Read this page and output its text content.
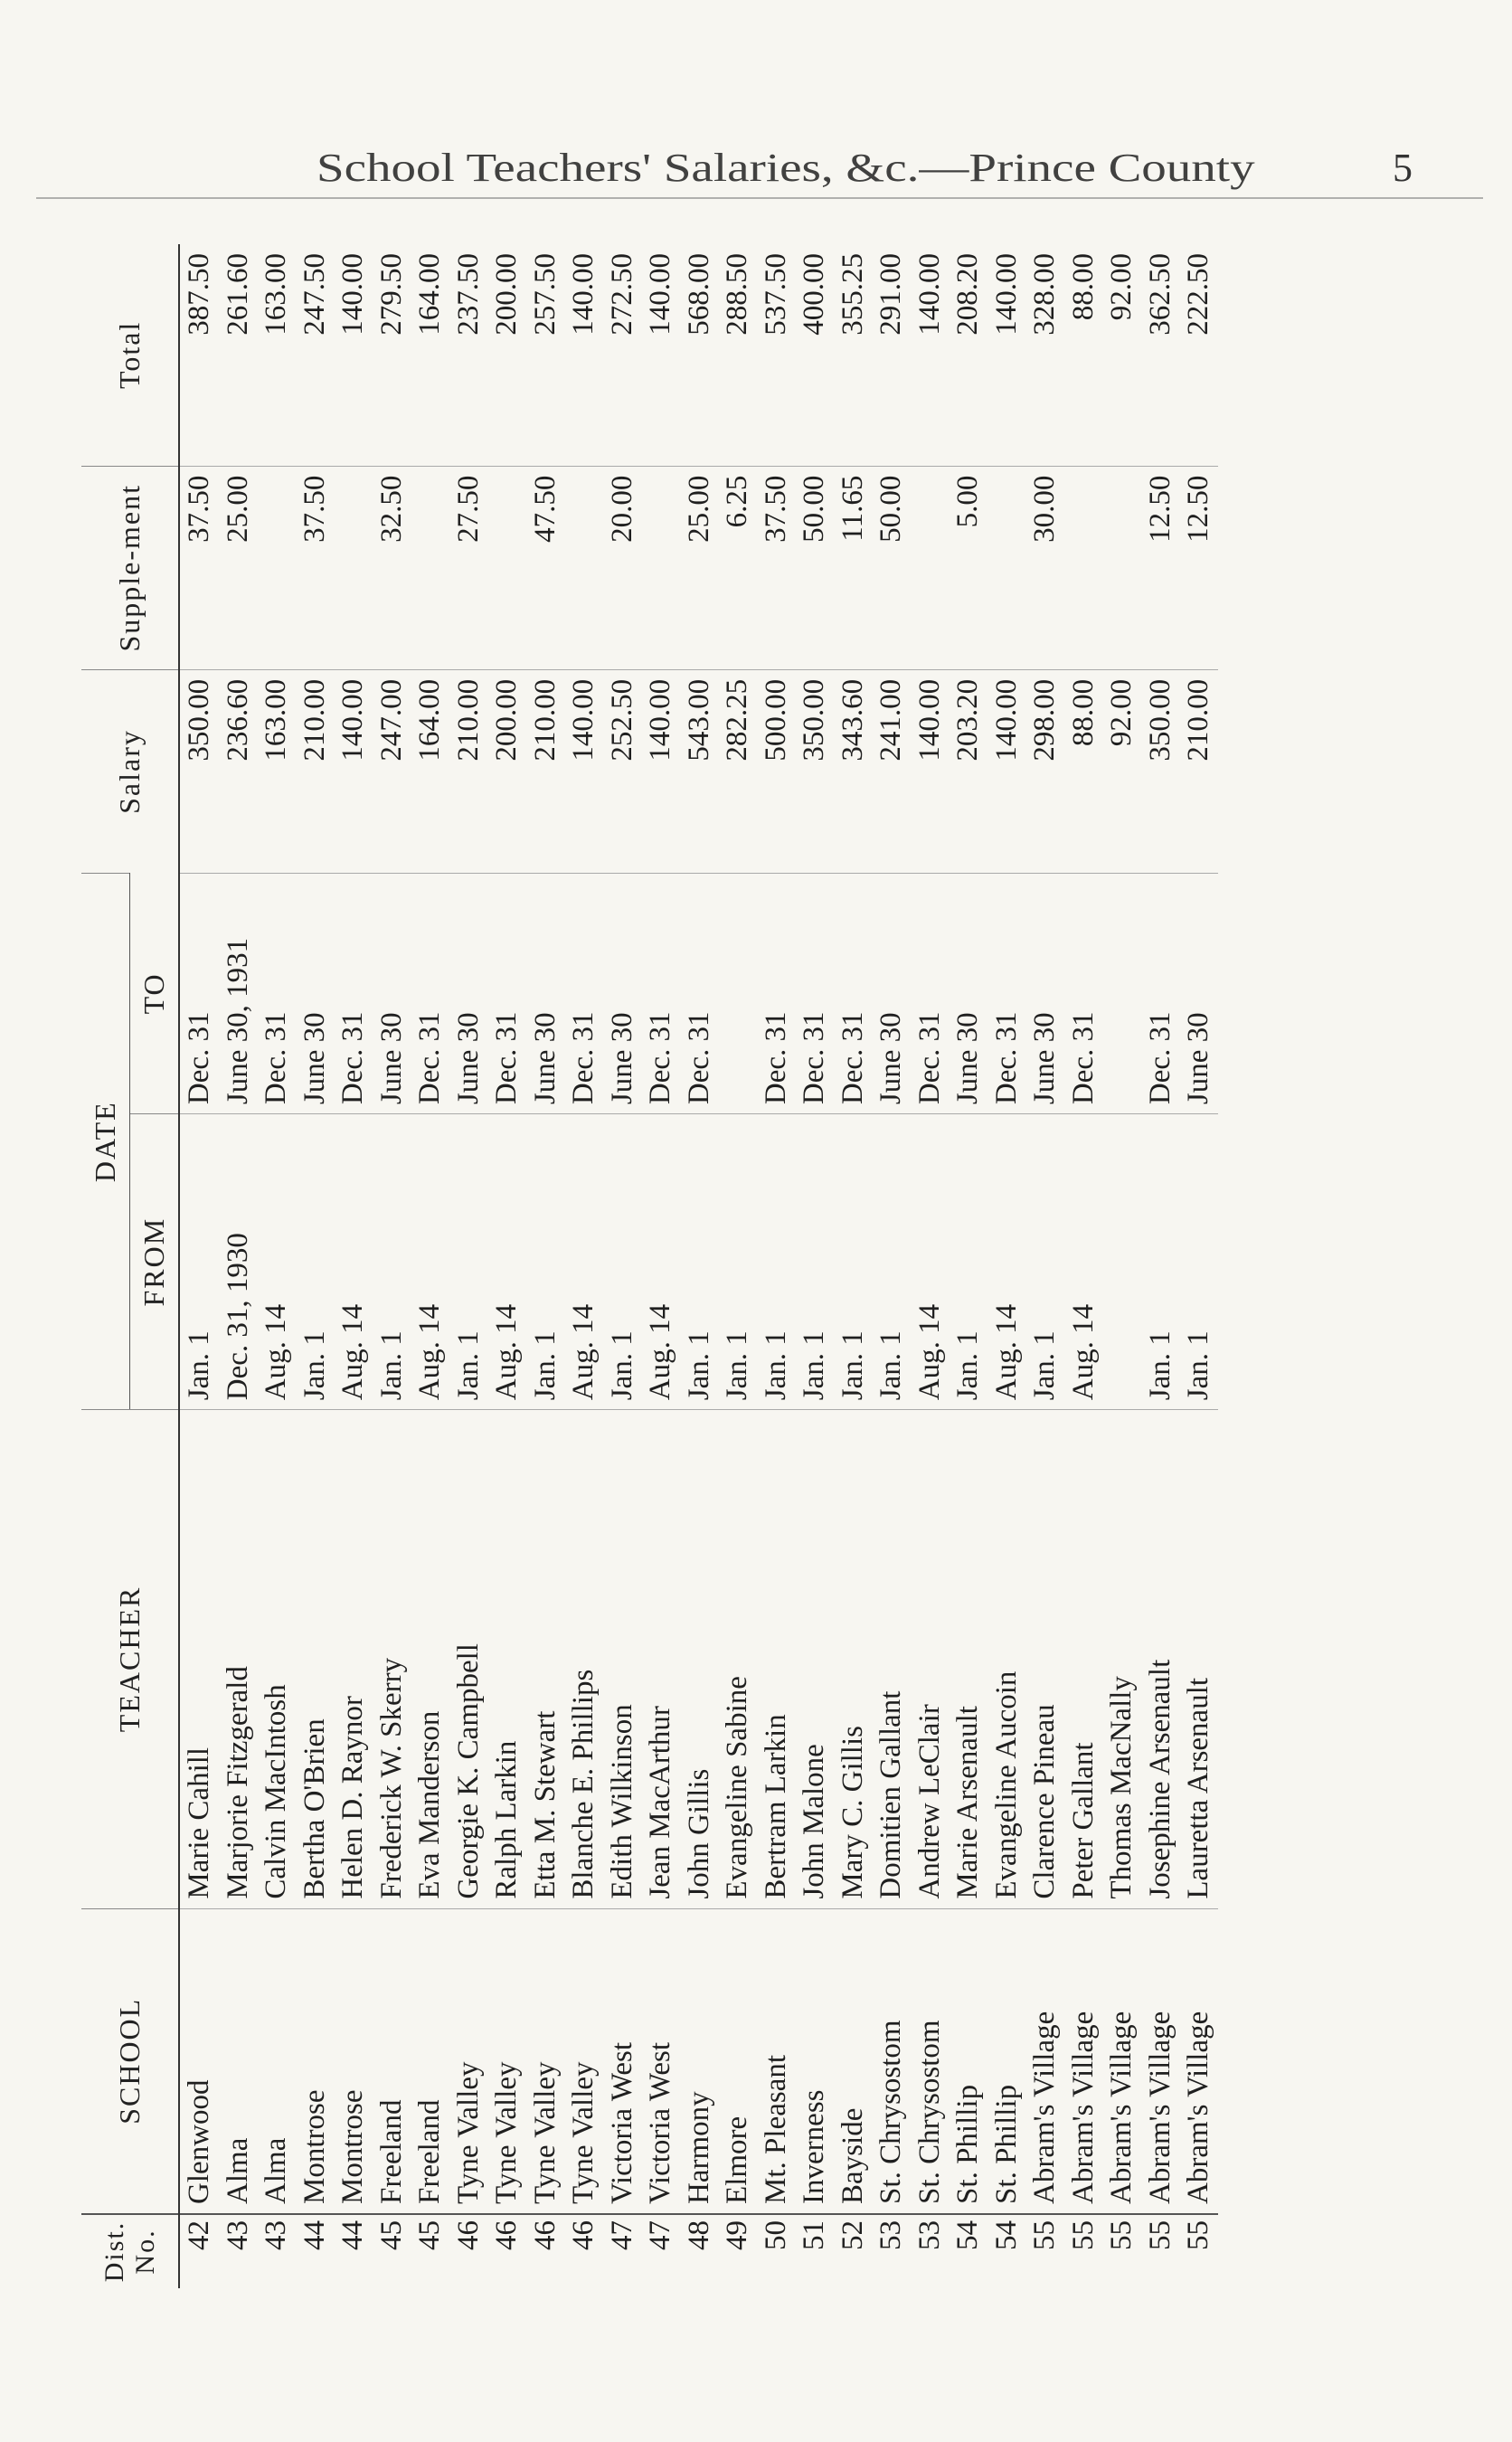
School Teachers' Salaries, &c.—Prince County	5
Dist. No.	SCHOOL	TEACHER	DATE		Salary	Supple-ment	Total
			FROM	TO			
42	Glenwood	Marie Cahill	Jan. 1	Dec. 31	350.00	37.50	387.50
43	Alma	Marjorie Fitzgerald	Dec. 31, 1930	June 30, 1931	236.60	25.00	261.60
43	Alma	Calvin MacIntosh	Aug. 14	Dec. 31	163.00		163.00
44	Montrose	Bertha O'Brien	Jan. 1	June 30	210.00	37.50	247.50
44	Montrose	Helen D. Raynor	Aug. 14	Dec. 31	140.00		140.00
45	Freeland	Frederick W. Skerry	Jan. 1	June 30	247.00	32.50	279.50
45	Freeland	Eva Manderson	Aug. 14	Dec. 31	164.00		164.00
46	Tyne Valley	Georgie K. Campbell	Jan. 1	June 30	210.00	27.50	237.50
46	Tyne Valley	Ralph Larkin	Aug. 14	Dec. 31	200.00		200.00
46	Tyne Valley	Etta M. Stewart	Jan. 1	June 30	210.00	47.50	257.50
46	Tyne Valley	Blanche E. Phillips	Aug. 14	Dec. 31	140.00		140.00
47	Victoria West	Edith Wilkinson	Jan. 1	June 30	252.50	20.00	272.50
47	Victoria West	Jean MacArthur	Aug. 14	Dec. 31	140.00		140.00
48	Harmony	John Gillis	Jan. 1	Dec. 31	543.00	25.00	568.00
49	Elmore	Evangeline Sabine	Jan. 1		282.25	6.25	288.50
50	Mt. Pleasant	Bertram Larkin	Jan. 1	Dec. 31	500.00	37.50	537.50
51	Inverness	John Malone	Jan. 1	Dec. 31	350.00	50.00	400.00
52	Bayside	Mary C. Gillis	Jan. 1	Dec. 31	343.60	11.65	355.25
53	St. Chrysostom	Domitien Gallant	Jan. 1	June 30	241.00	50.00	291.00
53	St. Chrysostom	Andrew LeClair	Aug. 14	Dec. 31	140.00		140.00
54	St. Phillip	Marie Arsenault	Jan. 1	June 30	203.20	5.00	208.20
54	St. Phillip	Evangeline Aucoin	Aug. 14	Dec. 31	140.00		140.00
55	Abram's Village	Clarence Pineau	Jan. 1	June 30	298.00	30.00	328.00
55	Abram's Village	Peter Gallant	Aug. 14	Dec. 31	88.00		88.00
55	Abram's Village	Thomas MacNally			92.00		92.00
55	Abram's Village	Josephine Arsenault	Jan. 1	Dec. 31	350.00	12.50	362.50
55	Abram's Village	Lauretta Arsenault	Jan. 1	June 30	210.00	12.50	222.50
